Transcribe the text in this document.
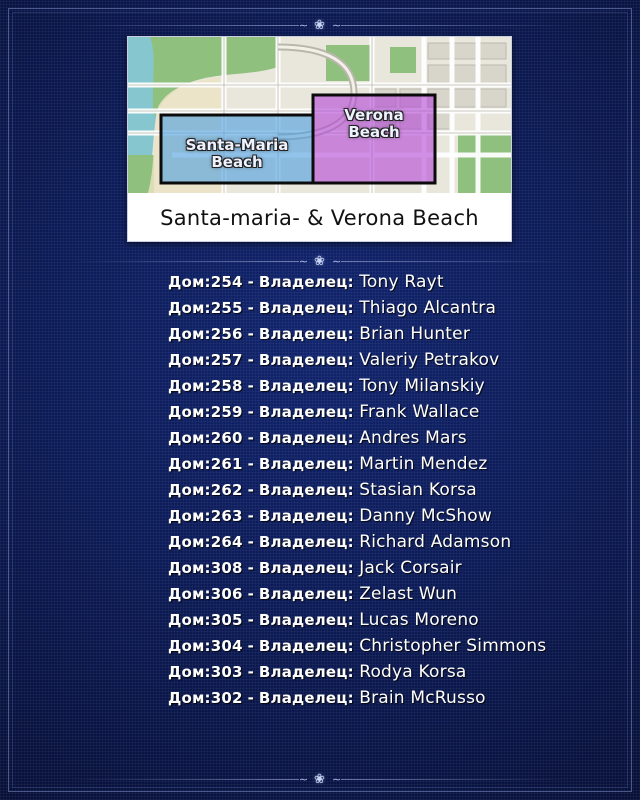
∼ ❀ ∼
Santa-Maria
Beach
Verona
Beach
Santa-maria- & Verona Beach
∼ ❀ ∼
Дом:254 - Владелец: Tony Rayt
Дом:255 - Владелец: Thiago Alcantra
Дом:256 - Владелец: Brian Hunter
Дом:257 - Владелец: Valeriy Petrakov
Дом:258 - Владелец: Tony Milanskiy
Дом:259 - Владелец: Frank Wallace
Дом:260 - Владелец: Andres Mars
Дом:261 - Владелец: Martin Mendez
Дом:262 - Владелец: Stasian Korsa
Дом:263 - Владелец: Danny McShow
Дом:264 - Владелец: Richard Adamson
Дом:308 - Владелец: Jack Corsair
Дом:306 - Владелец: Zelast Wun
Дом:305 - Владелец: Lucas Moreno
Дом:304 - Владелец: Christopher Simmons
Дом:303 - Владелец: Rodya Korsa
Дом:302 - Владелец: Brain McRusso
∼ ❀ ∼
